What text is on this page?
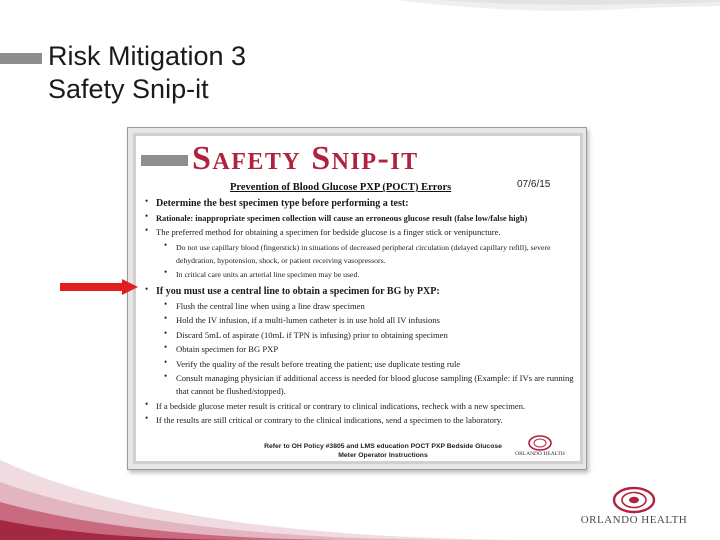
Risk Mitigation 3
Safety Snip-it
Safety Snip-it
07/6/15
Prevention of Blood Glucose PXP (POCT) Errors
• Determine the best specimen type before performing a test:
• Rationale: inappropriate specimen collection will cause an erroneous glucose result (false low/false high)
• The preferred method for obtaining a specimen for bedside glucose is a finger stick or venipuncture.
• Do not use capillary blood (fingerstick) in situations of decreased peripheral circulation (delayed capillary refill), severe dehydration, hypotension, shock, or patient receiving vasopressors.
• In critical care units an arterial line specimen may be used.
• If you must use a central line to obtain a specimen for BG by PXP:
• Flush the central line when using a line draw specimen
• Hold the IV infusion, if a multi-lumen catheter is in use hold all IV infusions
• Discard 5mL of aspirate (10mL if TPN is infusing) prior to obtaining specimen
• Obtain specimen for BG PXP
• Verify the quality of the result before treating the patient; use duplicate testing rule
• Consult managing physician if additional access is needed for blood glucose sampling (Example: if IVs are running that cannot be flushed/stopped).
• If a bedside glucose meter result is critical or contrary to clinical indications, recheck with a new specimen.
• If the results are still critical or contrary to the clinical indications, send a specimen to the laboratory.
Refer to OH Policy #3805 and LMS education POCT PXP Bedside Glucose
Meter Operator Instructions	ORLANDO HEALTH
ORLANDO HEALTH
